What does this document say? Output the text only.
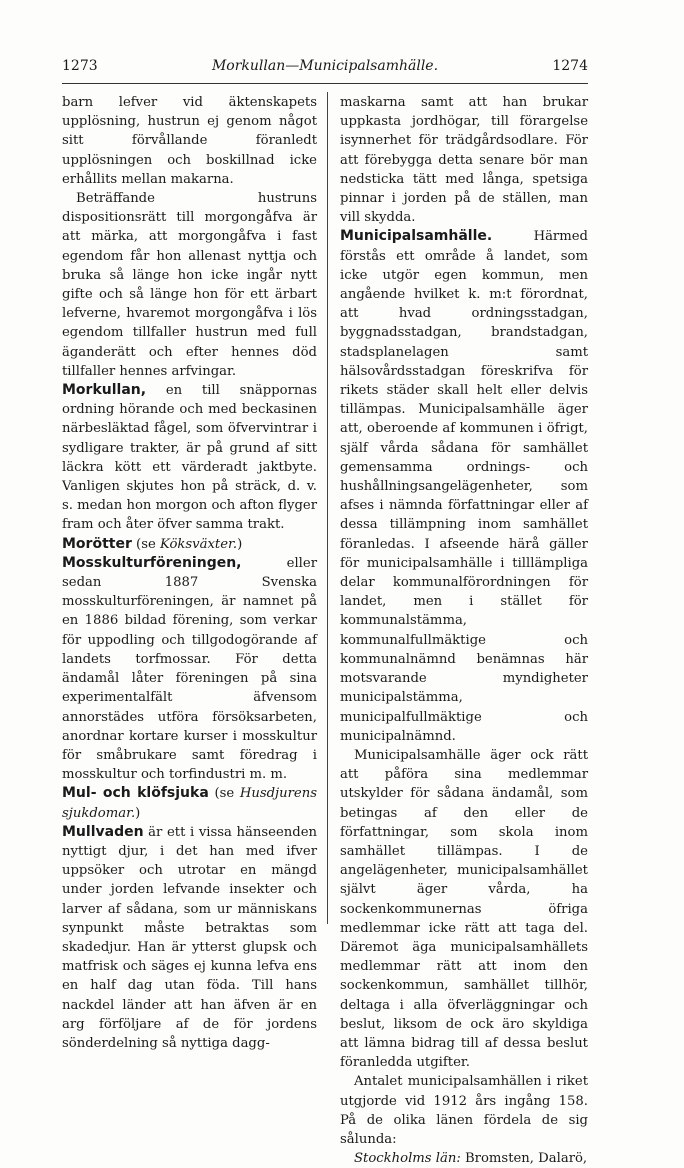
1273	Morkullan—Municipalsamhälle.	1274

barn lefver vid äktenskapets upplösning, hustrun ej genom något sitt förvållande föranledt upplösningen och boskillnad icke erhållits mellan makarna.

Beträffande hustruns dispositionsrätt till morgongåfva är att märka, att morgongåfva i fast egendom får hon allenast nyttja och bruka så länge hon icke ingår nytt gifte och så länge hon för ett ärbart lefverne, hvaremot morgongåfva i lös egendom tillfaller hustrun med full äganderätt och efter hennes död tillfaller hennes arfvingar.

Morkullan, en till snäppornas ordning hörande och med beckasinen närbesläktad fågel, som öfvervintrar i sydligare trakter, är på grund af sitt läckra kött ett värderadt jaktbyte. Vanligen skjutes hon på sträck, d. v. s. medan hon morgon och afton flyger fram och åter öfver samma trakt.

Morötter (se Köksväxter.)

Mosskulturföreningen, eller sedan 1887 Svenska mosskulturföreningen, är namnet på en 1886 bildad förening, som verkar för uppodling och tillgodogörande af landets torfmossar. För detta ändamål låter föreningen på sina experimentalfält äfvensom annorstädes utföra försöksarbeten, anordnar kortare kurser i mosskultur för småbrukare samt föredrag i mosskultur och torfindustri m. m.

Mul- och klöfsjuka (se Husdjurens sjukdomar.)

Mullvaden är ett i vissa hänseenden nyttigt djur, i det han med ifver uppsöker och utrotar en mängd under jorden lefvande insekter och larver af sådana, som ur människans synpunkt måste betraktas som skadedjur. Han är ytterst glupsk och matfrisk och säges ej kunna lefva ens en half dag utan föda. Till hans nackdel länder att han äfven är en arg förföljare af de för jordens sönderdelning så nyttiga dagg-

maskarna samt att han brukar uppkasta jordhögar, till förargelse isynnerhet för trädgårdsodlare. För att förebygga detta senare bör man nedsticka tätt med långa, spetsiga pinnar i jorden på de ställen, man vill skydda.

Municipalsamhälle. Härmed förstås ett område å landet, som icke utgör egen kommun, men angående hvilket k. m:t förordnat, att hvad ordningsstadgan, byggnadsstadgan, brandstadgan, stadsplanelagen samt hälsovårdsstadgan föreskrifva för rikets städer skall helt eller delvis tillämpas. Municipalsamhälle äger att, oberoende af kommunen i öfrigt, själf vårda sådana för samhället gemensamma ordnings- och hushållningsangelägenheter, som afses i nämnda författningar eller af dessa tillämpning inom samhället föranledas. I afseende härå gäller för municipalsamhälle i tilllämpliga delar kommunalförordningen för landet, men i stället för kommunalstämma, kommunalfullmäktige och kommunalnämnd benämnas här motsvarande myndigheter municipalstämma, municipalfullmäktige och municipalnämnd.

Municipalsamhälle äger ock rätt att påföra sina medlemmar utskylder för sådana ändamål, som betingas af den eller de författningar, som skola inom samhället tillämpas. I de angelägenheter, municipalsamhället självt äger vårda, ha sockenkommunernas öfriga medlemmar icke rätt att taga del. Däremot äga municipalsamhällets medlemmar rätt att inom den sockenkommun, samhället tillhör, deltaga i alla öfverläggningar och beslut, liksom de ock äro skyldiga att lämna bidrag till af dessa beslut föranledda utgifter.

Antalet municipalsamhällen i riket utgjorde vid 1912 års ingång 158. På de olika länen fördela de sig sålunda:

Stockholms län: Bromsten, Dalarö,
